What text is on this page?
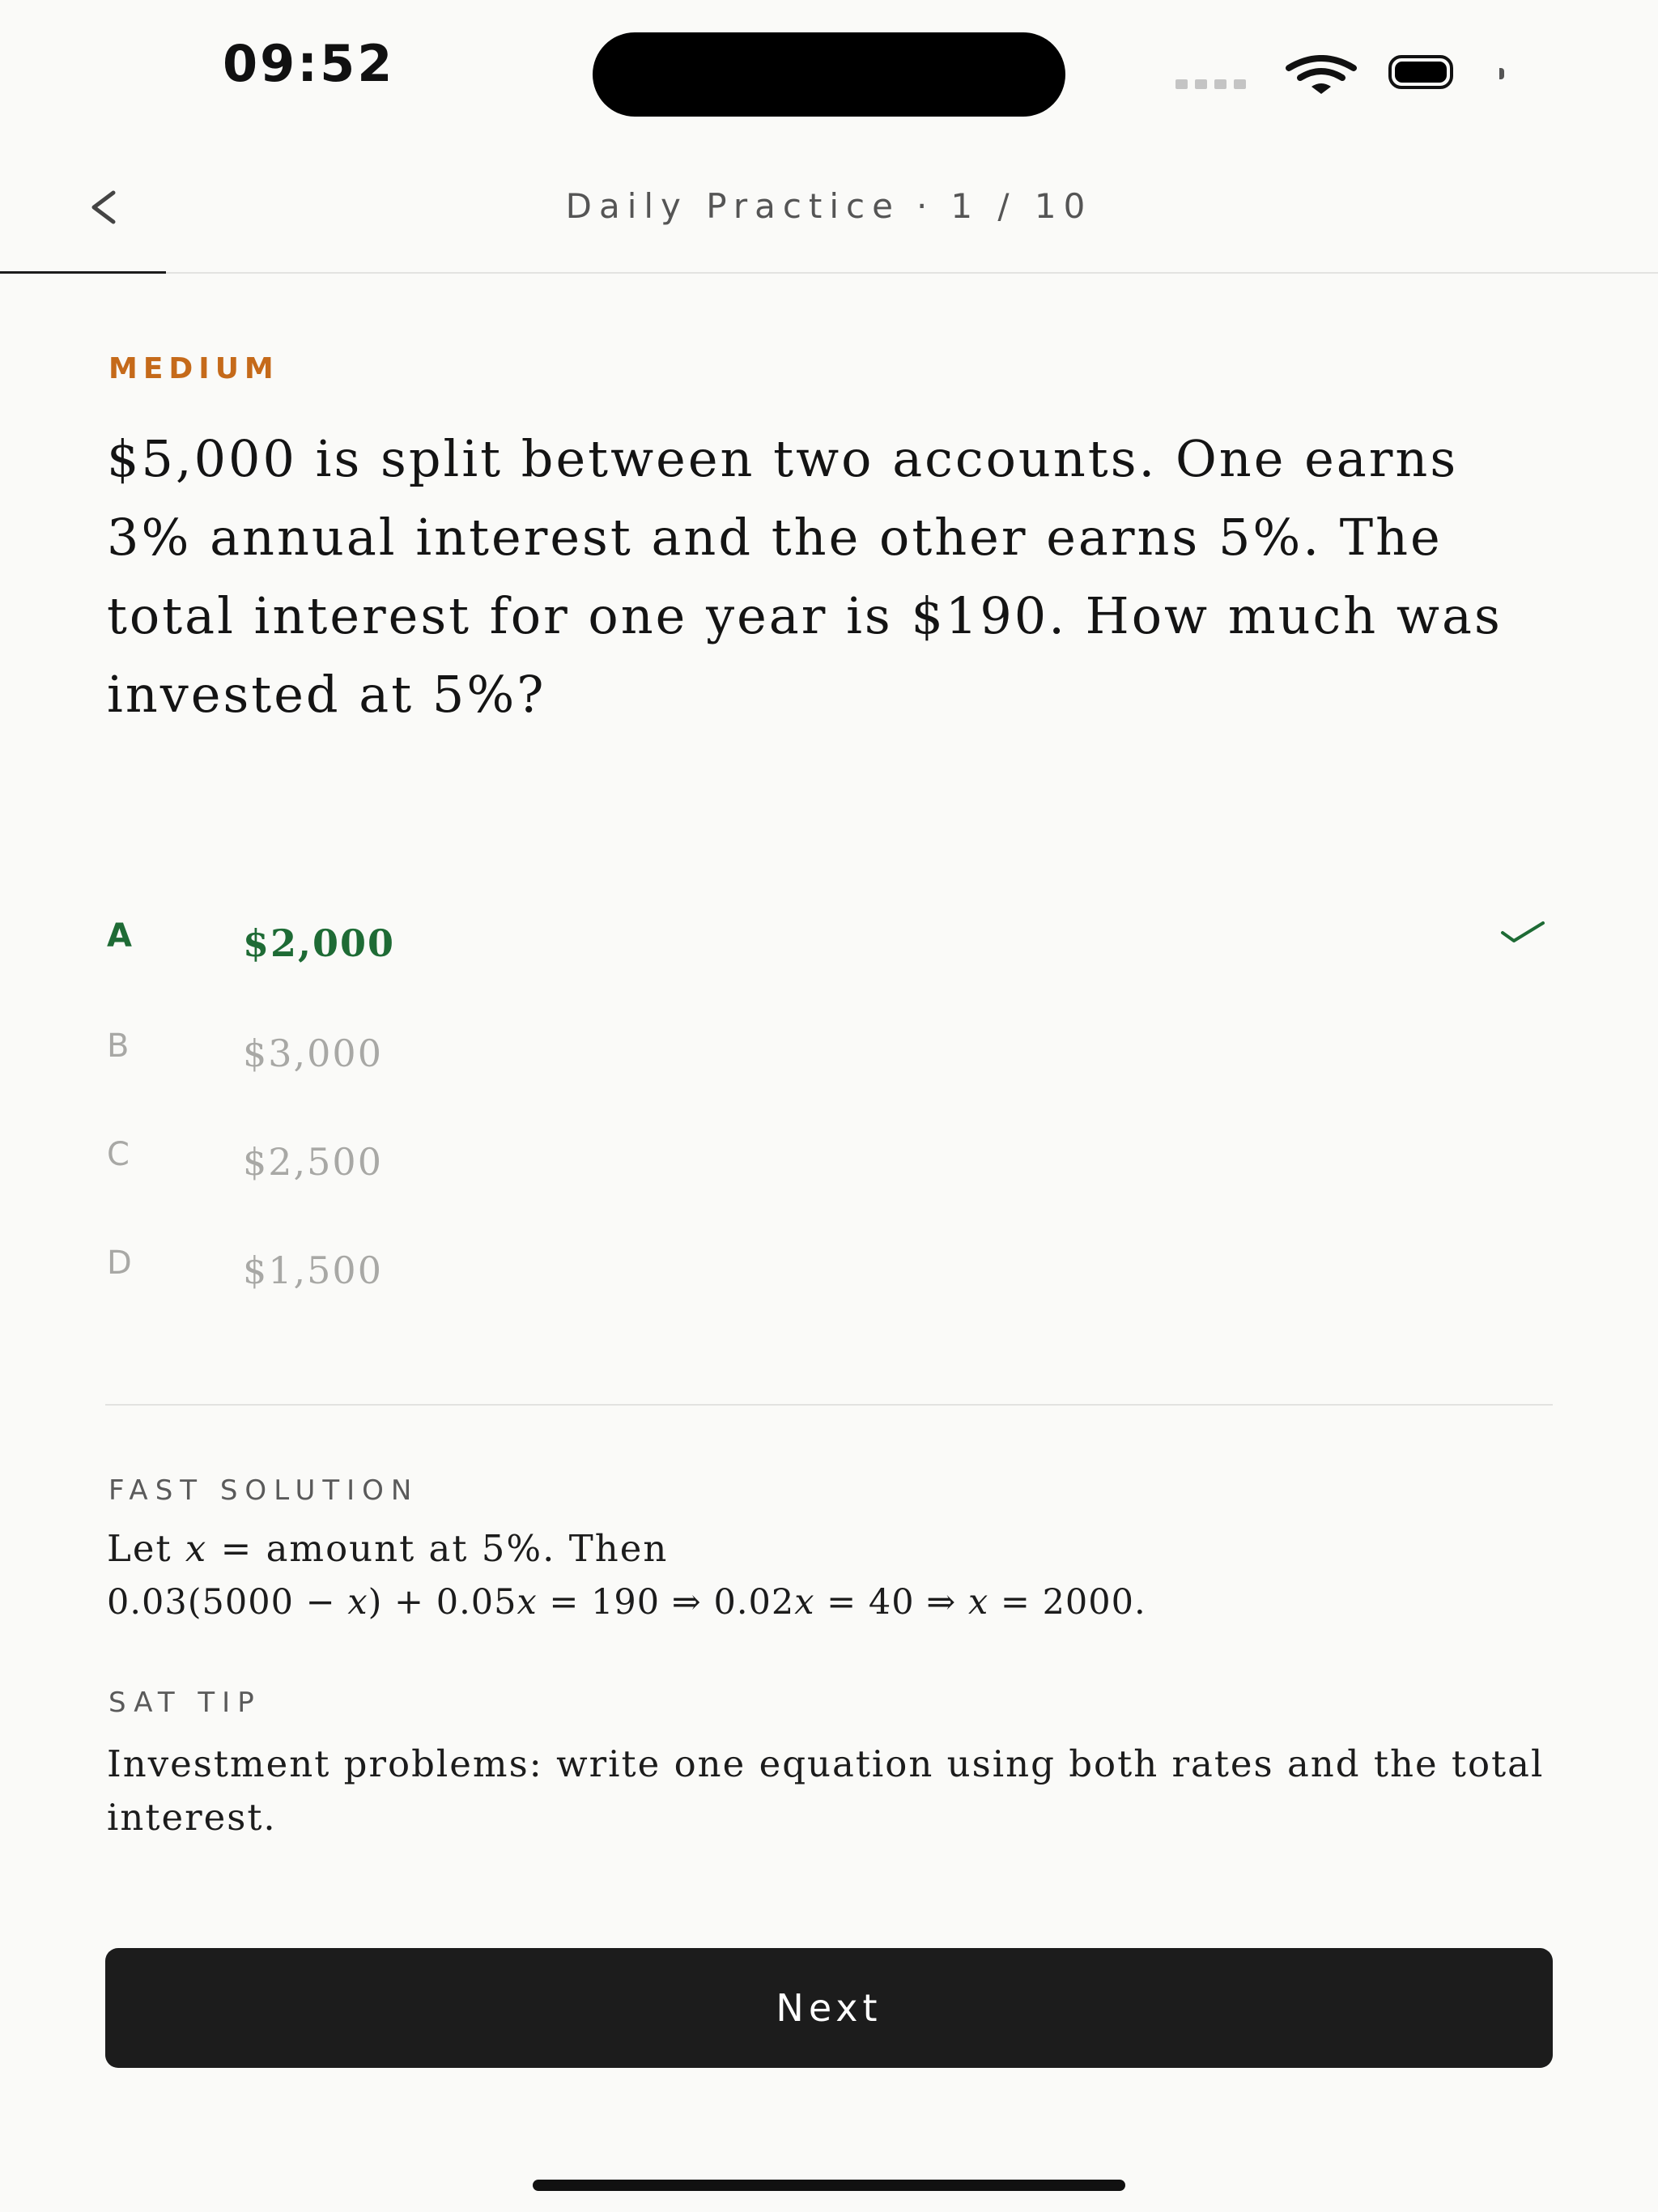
09:52
Daily Practice · 1 / 10
MEDIUM
$5,000 is split between two accounts. One earns 3% annual interest and the other earns 5%. The total interest for one year is $190. How much was invested at 5%?
A	$2,000
B	$3,000
C	$2,500
D	$1,500
FAST SOLUTION
Let 𝑥 = amount at 5%. Then
0.03(5000 − 𝑥) + 0.05𝑥 = 190 ⇒ 0.02𝑥 = 40 ⇒ 𝑥 = 2000.
SAT TIP
Investment problems: write one equation using both rates and the total interest.
Next
